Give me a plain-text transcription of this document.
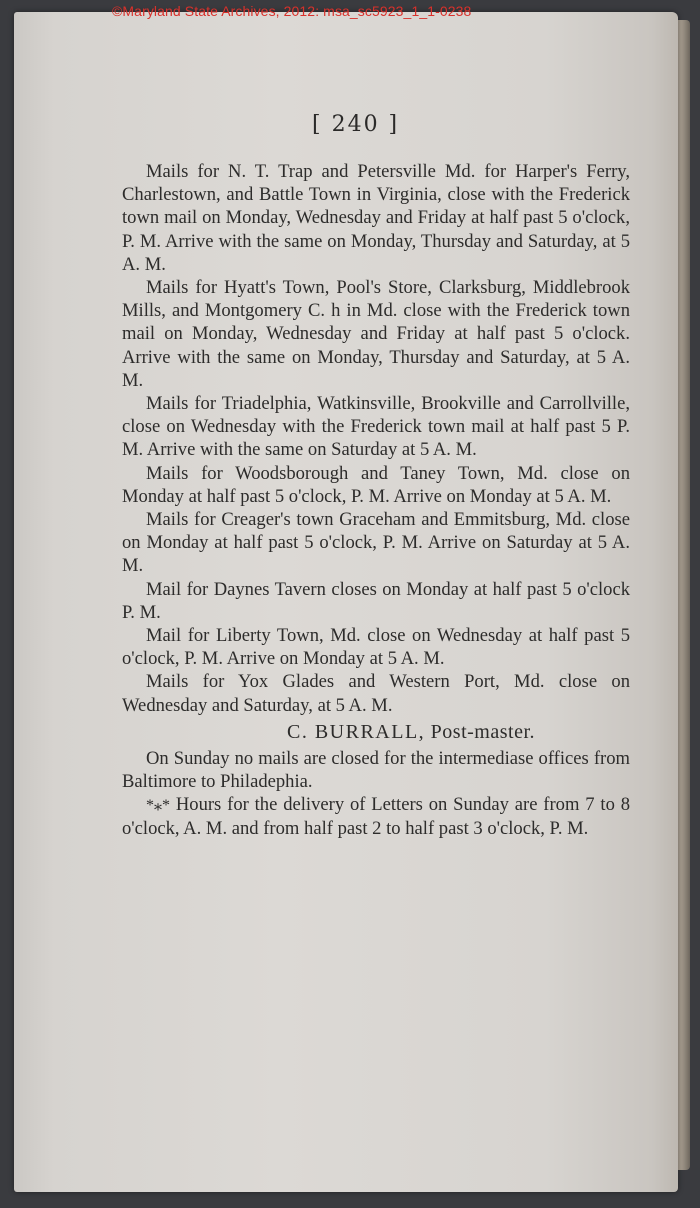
©Maryland State Archives, 2012: msa_sc5923_1_1-0238
[ 240 ]

Mails for N. T. Trap and Petersville Md. for Harper's Ferry, Charlestown, and Battle Town in Virginia, close with the Frederick town mail on Monday, Wednesday and Friday at half past 5 o'clock, P. M. Arrive with the same on Monday, Thursday and Saturday, at 5 A. M.

Mails for Hyatt's Town, Pool's Store, Clarksburg, Middlebrook Mills, and Montgomery C. h in Md. close with the Frederick town mail on Monday, Wednesday and Friday at half past 5 o'clock. Arrive with the same on Monday, Thursday and Saturday, at 5 A. M.

Mails for Triadelphia, Watkinsville, Brookville and Carrollville, close on Wednesday with the Frederick town mail at half past 5 P. M. Arrive with the same on Saturday at 5 A. M.

Mails for Woodsborough and Taney Town, Md. close on Monday at half past 5 o'clock, P. M. Arrive on Monday at 5 A. M.

Mails for Creager's town Graceham and Emmitsburg, Md. close on Monday at half past 5 o'clock, P. M. Arrive on Saturday at 5 A. M.

Mail for Daynes Tavern closes on Monday at half past 5 o'clock P. M.

Mail for Liberty Town, Md. close on Wednesday at half past 5 o'clock, P. M. Arrive on Monday at 5 A. M.

Mails for Yox Glades and Western Port, Md. close on Wednesday and Saturday, at 5 A. M.

C. BURRALL, Post-master.

On Sunday no mails are closed for the intermediase offices from Baltimore to Philadephia.

*⁎* Hours for the delivery of Letters on Sunday are from 7 to 8 o'clock, A. M. and from half past 2 to half past 3 o'clock, P. M.
